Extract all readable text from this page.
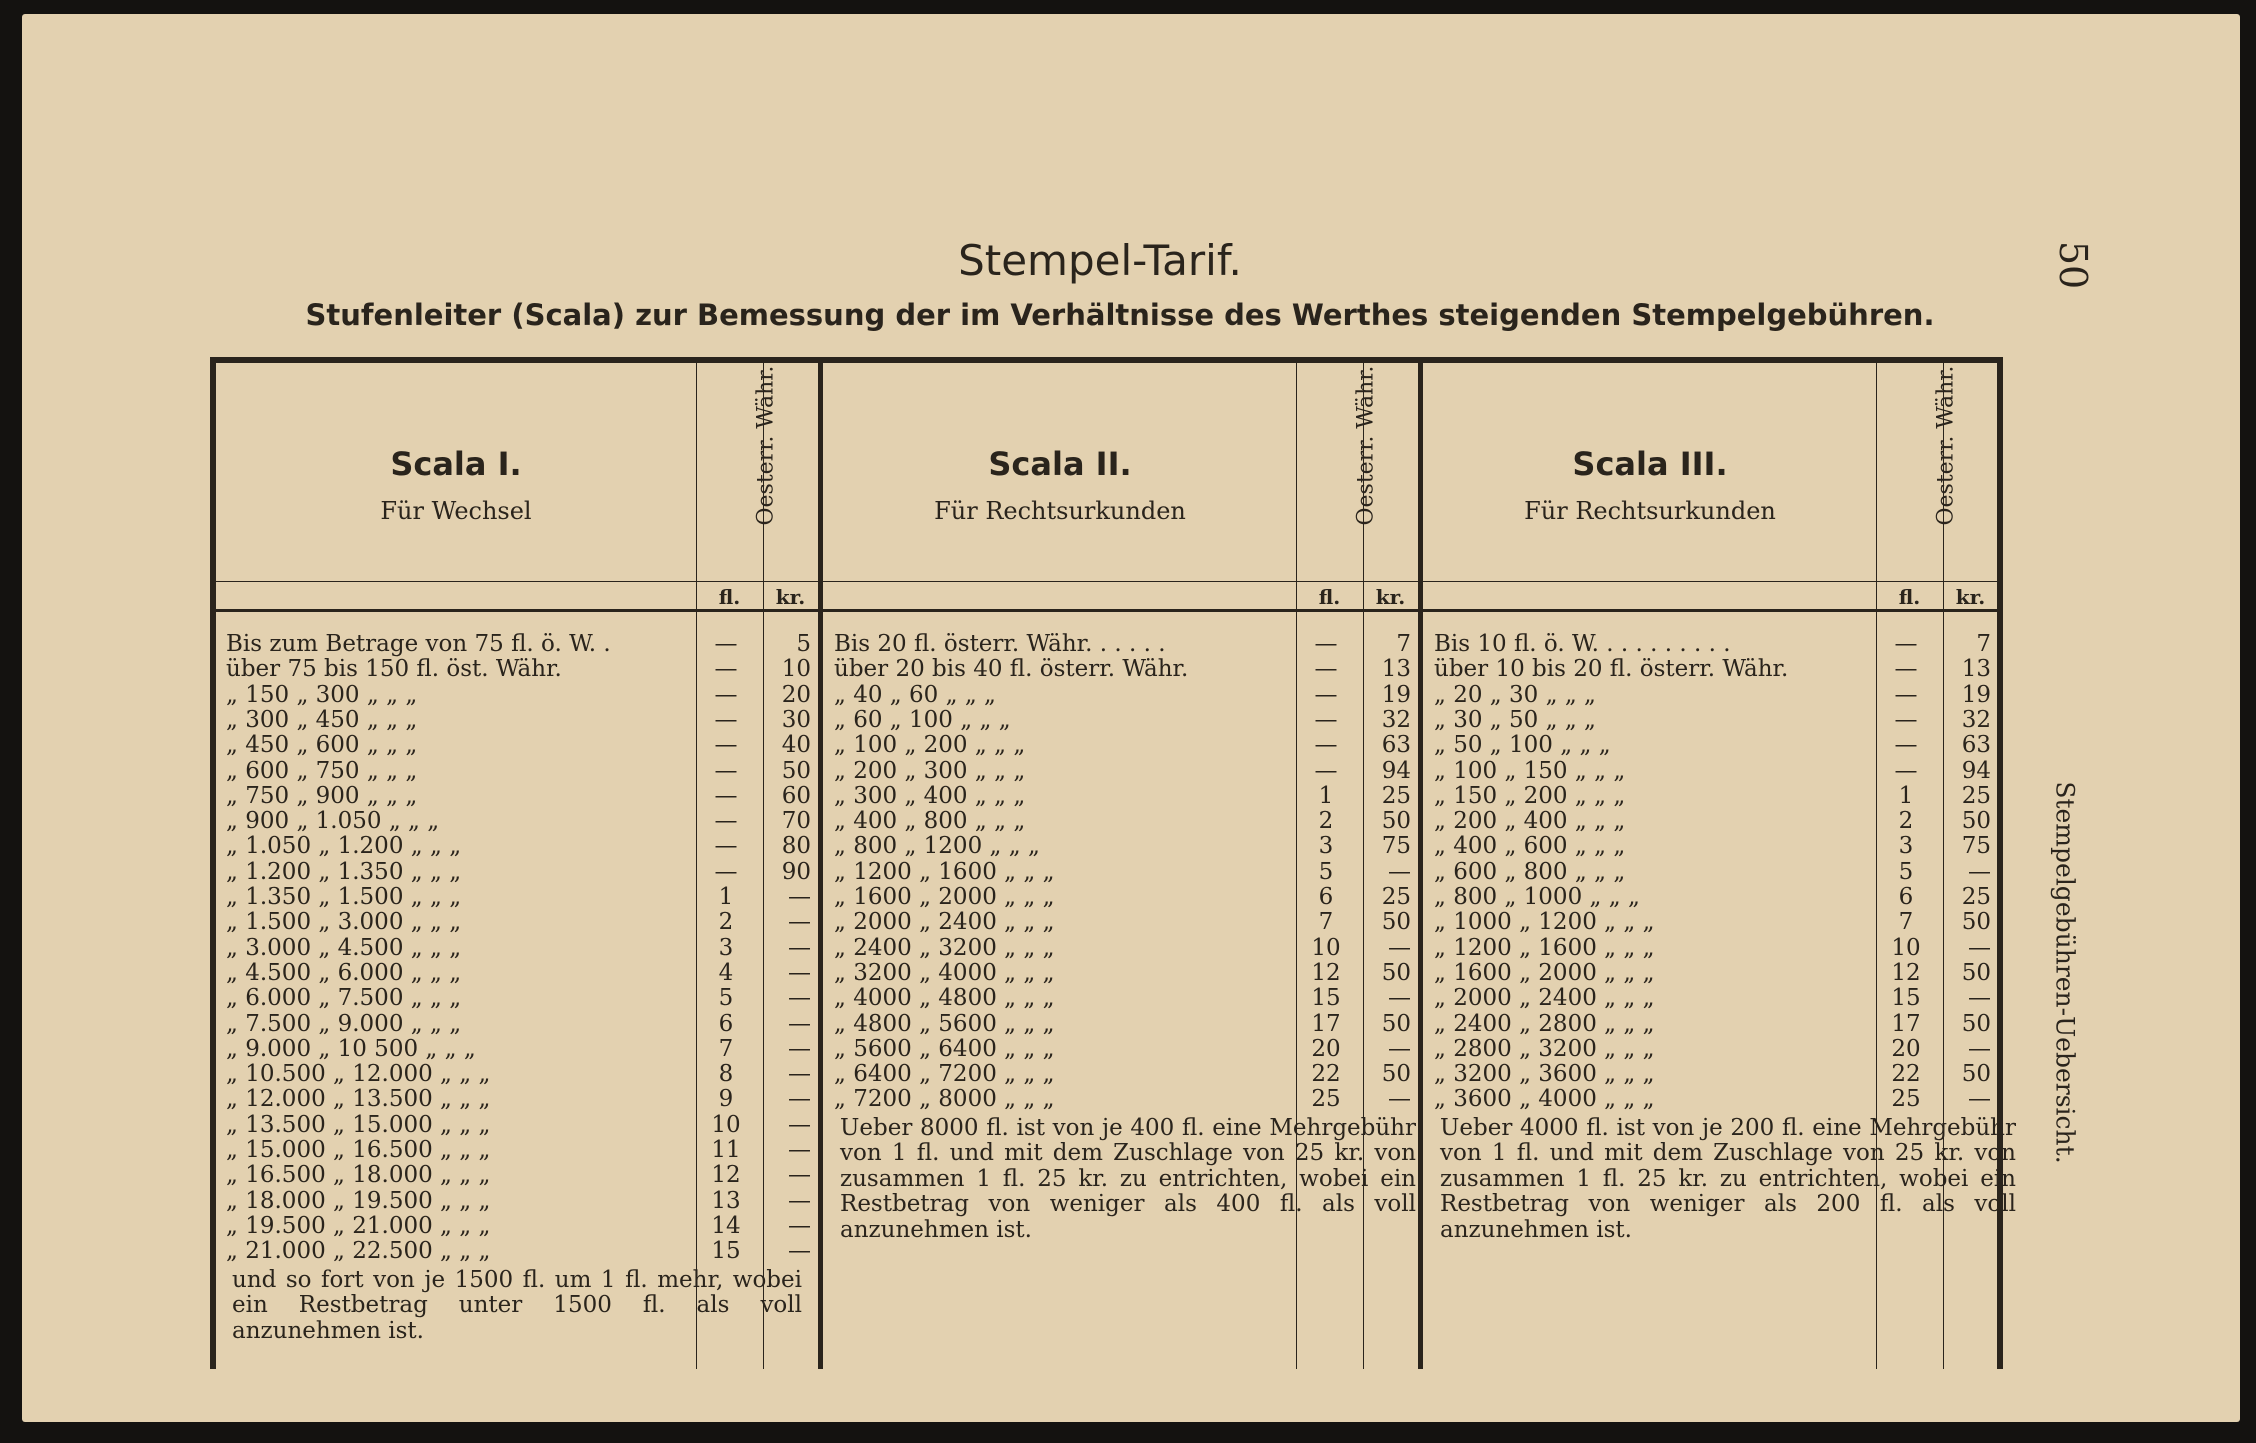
Stempel-Tarif.
Stufenleiter (Scala) zur Bemessung der im Verhältnisse des Werthes steigenden Stempelgebühren.
50
Stempelgebühren-Uebersicht.
Scala I.
Für Wechsel	Oesterr. Währ.
fl.	kr.
Bis zum Betrage von 75 fl. ö. W. .	—	5
über 75 bis 150 fl. öst. Währ.	—	10
„ 150 „ 300 „ „ „	—	20
„ 300 „ 450 „ „ „	—	30
„ 450 „ 600 „ „ „	—	40
„ 600 „ 750 „ „ „	—	50
„ 750 „ 900 „ „ „	—	60
„ 900 „ 1.050 „ „ „	—	70
„ 1.050 „ 1.200 „ „ „	—	80
„ 1.200 „ 1.350 „ „ „	—	90
„ 1.350 „ 1.500 „ „ „	1	—
„ 1.500 „ 3.000 „ „ „	2	—
„ 3.000 „ 4.500 „ „ „	3	—
„ 4.500 „ 6.000 „ „ „	4	—
„ 6.000 „ 7.500 „ „ „	5	—
„ 7.500 „ 9.000 „ „ „	6	—
„ 9.000 „ 10 500 „ „ „	7	—
„ 10.500 „ 12.000 „ „ „	8	—
„ 12.000 „ 13.500 „ „ „	9	—
„ 13.500 „ 15.000 „ „ „	10	—
„ 15.000 „ 16.500 „ „ „	11	—
„ 16.500 „ 18.000 „ „ „	12	—
„ 18.000 „ 19.500 „ „ „	13	—
„ 19.500 „ 21.000 „ „ „	14	—
„ 21.000 „ 22.500 „ „ „	15	—
und so fort von je 1500 fl. um 1 fl. mehr, wobei ein Restbetrag unter 1500 fl. als voll anzunehmen ist.
Scala II.
Für Rechtsurkunden	Oesterr. Währ.
fl.	kr.
Bis 20 fl. österr. Währ. . . . . .	—	7
über 20 bis 40 fl. österr. Währ.	—	13
„ 40 „ 60 „ „ „	—	19
„ 60 „ 100 „ „ „	—	32
„ 100 „ 200 „ „ „	—	63
„ 200 „ 300 „ „ „	—	94
„ 300 „ 400 „ „ „	1	25
„ 400 „ 800 „ „ „	2	50
„ 800 „ 1200 „ „ „	3	75
„ 1200 „ 1600 „ „ „	5	—
„ 1600 „ 2000 „ „ „	6	25
„ 2000 „ 2400 „ „ „	7	50
„ 2400 „ 3200 „ „ „	10	—
„ 3200 „ 4000 „ „ „	12	50
„ 4000 „ 4800 „ „ „	15	—
„ 4800 „ 5600 „ „ „	17	50
„ 5600 „ 6400 „ „ „	20	—
„ 6400 „ 7200 „ „ „	22	50
„ 7200 „ 8000 „ „ „	25	—
Ueber 8000 fl. ist von je 400 fl. eine Mehrgebühr von 1 fl. und mit dem Zuschlage von 25 kr. von zusammen 1 fl. 25 kr. zu entrichten, wobei ein Restbetrag von weniger als 400 fl. als voll anzunehmen ist.
Scala III.
Für Rechtsurkunden	Oesterr. Währ.
fl.	kr.
Bis 10 fl. ö. W. . . . . . . . . .	—	7
über 10 bis 20 fl. österr. Währ.	—	13
„ 20 „ 30 „ „ „	—	19
„ 30 „ 50 „ „ „	—	32
„ 50 „ 100 „ „ „	—	63
„ 100 „ 150 „ „ „	—	94
„ 150 „ 200 „ „ „	1	25
„ 200 „ 400 „ „ „	2	50
„ 400 „ 600 „ „ „	3	75
„ 600 „ 800 „ „ „	5	—
„ 800 „ 1000 „ „ „	6	25
„ 1000 „ 1200 „ „ „	7	50
„ 1200 „ 1600 „ „ „	10	—
„ 1600 „ 2000 „ „ „	12	50
„ 2000 „ 2400 „ „ „	15	—
„ 2400 „ 2800 „ „ „	17	50
„ 2800 „ 3200 „ „ „	20	—
„ 3200 „ 3600 „ „ „	22	50
„ 3600 „ 4000 „ „ „	25	—
Ueber 4000 fl. ist von je 200 fl. eine Mehrgebühr von 1 fl. und mit dem Zuschlage von 25 kr. von zusammen 1 fl. 25 kr. zu entrichten, wobei ein Restbetrag von weniger als 200 fl. als voll anzunehmen ist.
